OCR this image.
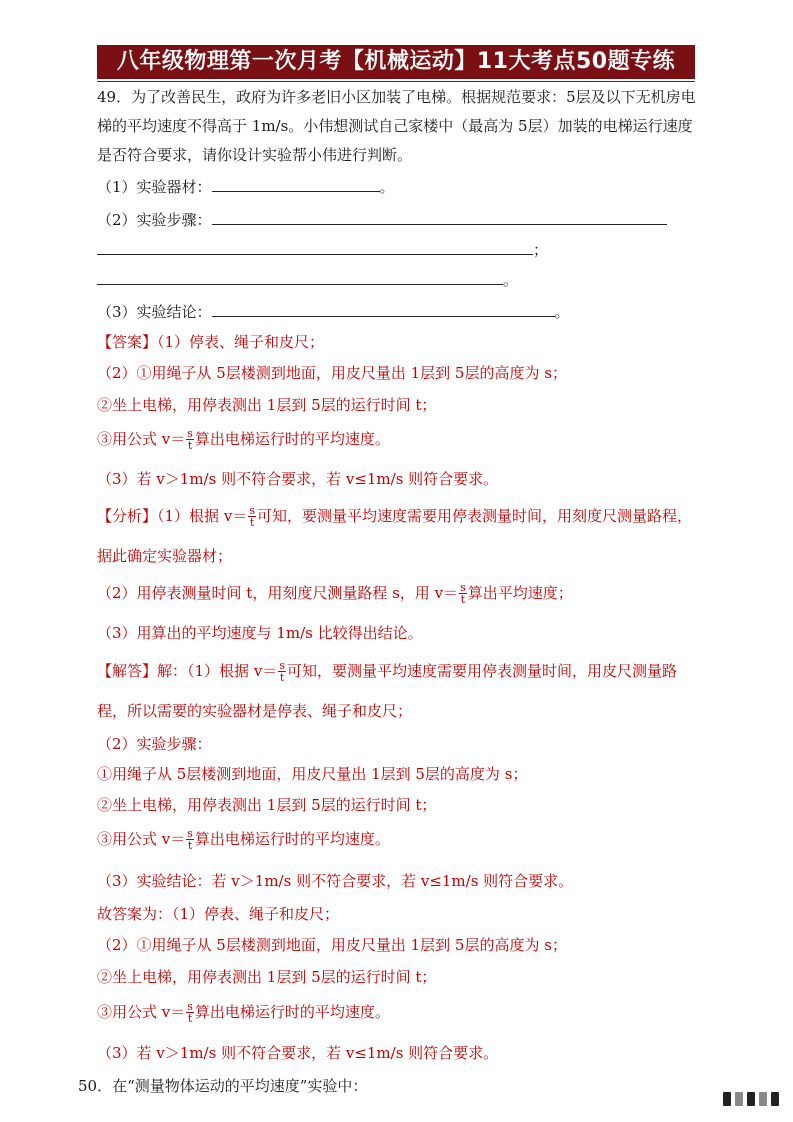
八年级物理第一次月考【机械运动】11大考点50题专练
49．为了改善民生，政府为许多老旧小区加装了电梯。根据规范要求：5层及以下无机房电
梯的平均速度不得高于 1m/s。小伟想测试自己家楼中（最高为 5层）加装的电梯运行速度
是否符合要求，请你设计实验帮小伟进行判断。
（1）实验器材：	。
（2）实验步骤：
；
。
（3）实验结论：	。
【答案】（1）停表、绳子和皮尺；
（2）①用绳子从 5层楼测到地面，用皮尺量出 1层到 5层的高度为 s；
②坐上电梯，用停表测出 1层到 5层的运行时间 t；
③用公式 $v= \frac{s}{t}$ 算出电梯运行时的平均速度。
（3）若 v＞1m/s 则不符合要求，若 v≤1m/s 则符合要求。
【分析】（1）根据 $v= \frac{s}{t}$ 可知，要测量平均速度需要用停表测量时间，用刻度尺测量路程，
据此确定实验器材；
（2）用停表测量时间 t，用刻度尺测量路程 s，用 $v= \frac{s}{t}$ 算出平均速度；
（3）用算出的平均速度与 1m/s 比较得出结论。
【解答】解：（1）根据 $v= \frac{s}{t}$ 可知，要测量平均速度需要用停表测量时间，用皮尺测量路
程，所以需要的实验器材是停表、绳子和皮尺；
（2）实验步骤：
①用绳子从 5层楼测到地面，用皮尺量出 1层到 5层的高度为 s；
②坐上电梯，用停表测出 1层到 5层的运行时间 t；
③用公式 $v= \frac{s}{t}$ 算出电梯运行时的平均速度。
（3）实验结论：若 v＞1m/s 则不符合要求，若 v≤1m/s 则符合要求。
故答案为：（1）停表、绳子和皮尺；
（2）①用绳子从 5层楼测到地面，用皮尺量出 1层到 5层的高度为 s；
②坐上电梯，用停表测出 1层到 5层的运行时间 t；
③用公式 $v= \frac{s}{t}$ 算出电梯运行时的平均速度。
（3）若 v＞1m/s 则不符合要求，若 v≤1m/s 则符合要求。
50．在“测量物体运动的平均速度”实验中：
